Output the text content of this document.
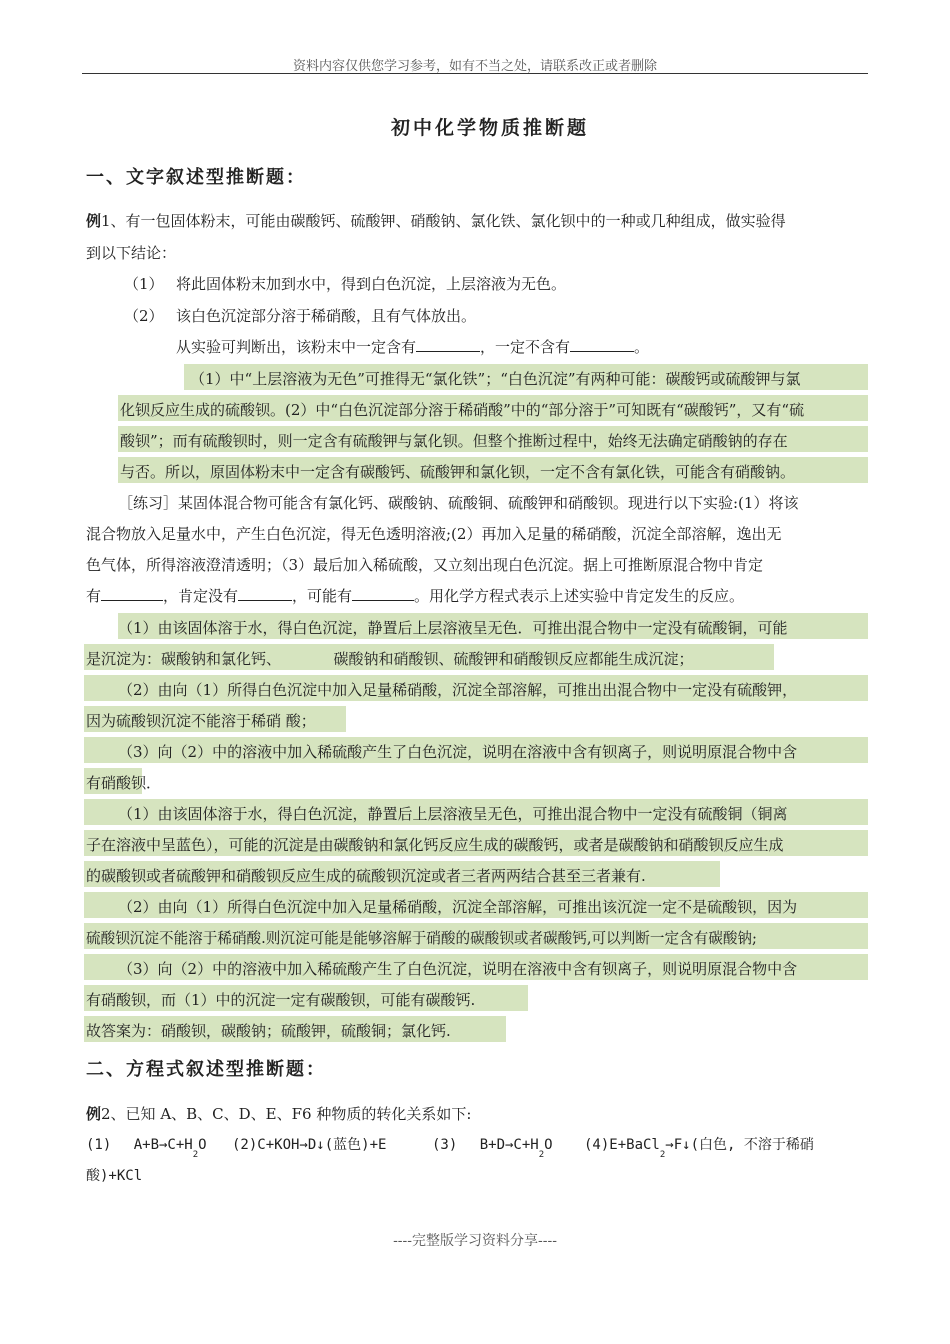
资料内容仅供您学习参考，如有不当之处，请联系改正或者删除
初中化学物质推断题
一、文字叙述型推断题：
例1、有一包固体粉末，可能由碳酸钙、硫酸钾、硝酸钠、氯化铁、氯化钡中的一种或几种组成，做实验得
到以下结论：
（1） 将此固体粉末加到水中，得到白色沉淀，上层溶液为无色。
（2） 该白色沉淀部分溶于稀硝酸，且有气体放出。
从实验可判断出，该粉末中一定含有	，一定不含有	。
（1）中“上层溶液为无色”可推得无“氯化铁”；“白色沉淀”有两种可能：碳酸钙或硫酸钾与氯
化钡反应生成的硫酸钡。(2）中“白色沉淀部分溶于稀硝酸”中的“部分溶于”可知既有“碳酸钙”，又有“硫
酸钡”；而有硫酸钡时，则一定含有硫酸钾与氯化钡。但整个推断过程中，始终无法确定硝酸钠的存在
与否。所以，原固体粉末中一定含有碳酸钙、硫酸钾和氯化钡，一定不含有氯化铁，可能含有硝酸钠。
［练习］某固体混合物可能含有氯化钙、碳酸钠、硫酸铜、硫酸钾和硝酸钡。现进行以下实验:(1）将该
混合物放入足量水中，产生白色沉淀，得无色透明溶液;(2）再加入足量的稀硝酸，沉淀全部溶解，逸出无
色气体，所得溶液澄清透明；（3）最后加入稀硫酸，又立刻出现白色沉淀。据上可推断原混合物中肯定
有	，肯定没有	，可能有	。用化学方程式表示上述实验中肯定发生的反应。
（1）由该固体溶于水，得白色沉淀，静置后上层溶液呈无色．可推出混合物中一定没有硫酸铜，可能
是沉淀为：碳酸钠和氯化钙、　　　　碳酸钠和硝酸钡、硫酸钾和硝酸钡反应都能生成沉淀；
（2）由向（1）所得白色沉淀中加入足量稀硝酸，沉淀全部溶解，可推出出混合物中一定没有硫酸钾，
因为硫酸钡沉淀不能溶于稀硝 酸；
（3）向（2）中的溶液中加入稀硫酸产生了白色沉淀，说明在溶液中含有钡离子，则说明原混合物中含
有硝酸钡．
（1）由该固体溶于水，得白色沉淀，静置后上层溶液呈无色，可推出混合物中一定没有硫酸铜（铜离
子在溶液中呈蓝色），可能的沉淀是由碳酸钠和氯化钙反应生成的碳酸钙，或者是碳酸钠和硝酸钡反应生成
的碳酸钡或者硫酸钾和硝酸钡反应生成的硫酸钡沉淀或者三者两两结合甚至三者兼有.
（2）由向（1）所得白色沉淀中加入足量稀硝酸，沉淀全部溶解，可推出该沉淀一定不是硫酸钡，因为
硫酸钡沉淀不能溶于稀硝酸.则沉淀可能是能够溶解于硝酸的碳酸钡或者碳酸钙,可以判断一定含有碳酸钠;
（3）向（2）中的溶液中加入稀硫酸产生了白色沉淀，说明在溶液中含有钡离子，则说明原混合物中含
有硝酸钡，而（1）中的沉淀一定有碳酸钡，可能有碳酸钙.
故答案为：硝酸钡，碳酸钠；硫酸钾，硫酸铜；氯化钙.
二、方程式叙述型推断题：
例2、已知 A、B、C、D、E、F6 种物质的转化关系如下:
(1)　 $A+B\to C+H_2O$ (2)C+KOH→D↓(蓝色)+E	(3)　 $B+D\to C+H_2O$ (4)E+BaCl$_2$→F↓(白色, 不溶于稀硝
酸)+KCl
----完整版学习资料分享----
